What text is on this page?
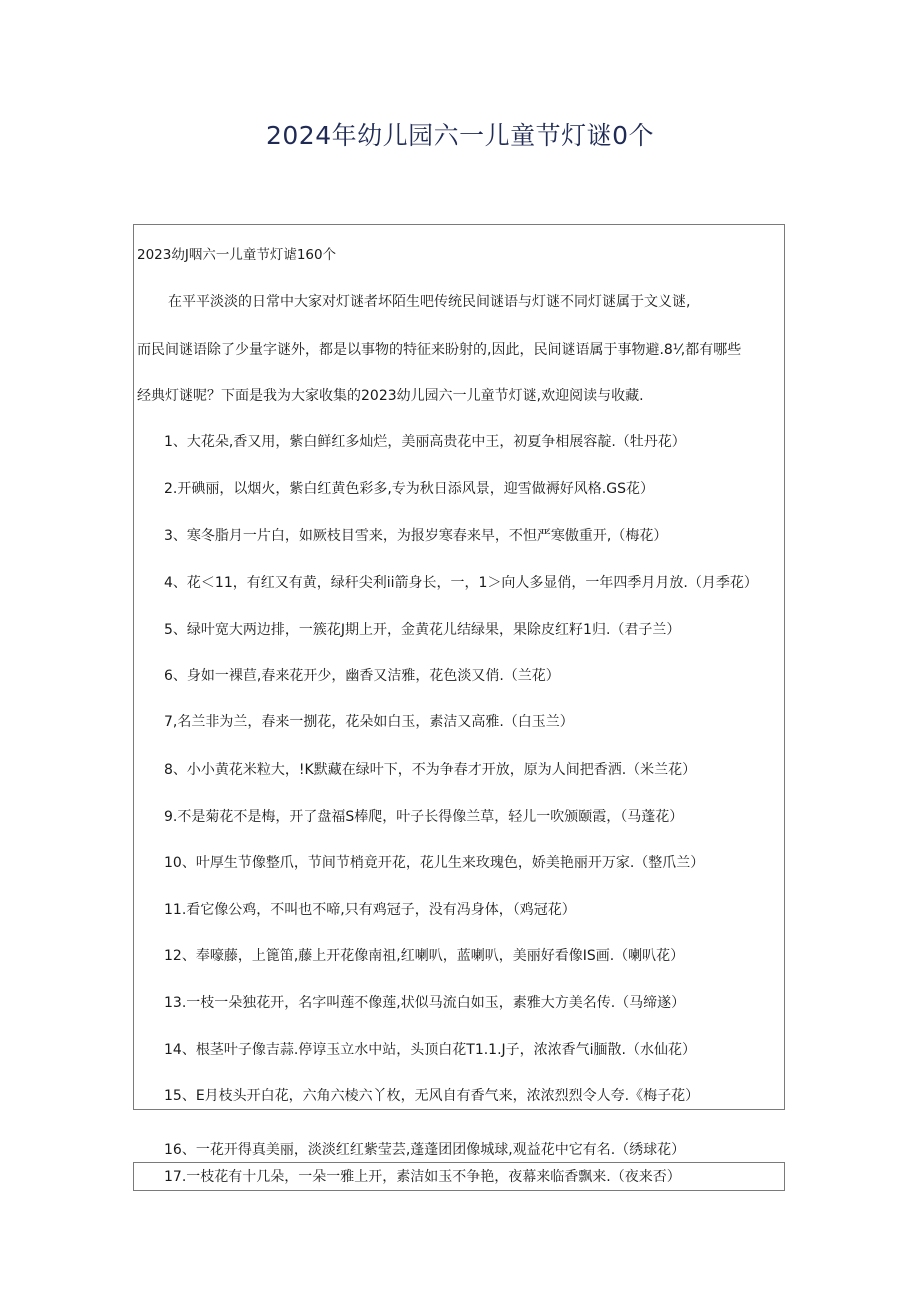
2024年幼儿园六一儿童节灯谜0个
2023幼J咽六一儿童节灯谑160个
在平平淡淡的日常中大家对灯谜者坏陌生吧传统民间谜语与灯谜不同灯谜属于文义谜,
而民间谜语除了少量字谜外，都是以事物的特征来盼射的,因此，民间谜语属于事物避.8⅟,都有哪些
经典灯谜呢？下面是我为大家收集的2023幼儿园六一儿童节灯谜,欢迎阅读与收藏.
1、大花朵,香又用，紫白鲜红多灿烂，美丽高贵花中王，初夏争相展容靛.（牡丹花）
2.开碘丽，以烟火，紫白红黄色彩多,专为秋日添风景，迎雪做褥好风格.GS花）
3、寒冬脂月一片白，如厥枝目雪来，为报岁寒春来早，不怛严寒傲重开,（梅花）
4、花＜11，有红又有黄，绿秆尖利ii箭身长，一，1＞向人多显俏，一年四季月月放.（月季花）
5、绿叶宽大两边排，一簇花J期上开，金黄花儿结绿果，果除皮红籽1归.（君子兰）
6、身如一裸苣,春来花开少，幽香又洁雅，花色淡又俏.（兰花）
7,名兰非为兰，春来一捌花，花朵如白玉，素洁又高雅.（白玉兰）
8、小小黄花米粒大，!K默藏在绿叶下，不为争春才开放，原为人间把香洒.（米兰花）
9.不是菊花不是梅，开了盘福S棒爬，叶子长得像兰草，轻儿一吹颁颐霞，（马蓬花）
10、叶厚生节像整爪，节间节梢竟开花，花儿生来玫瑰色，娇美艳丽开万家.（整爪兰）
11.看它像公鸡，不叫也不啼,只有鸡冠子，没有冯身体，（鸡冠花）
12、奉嚎藤，上篦笛,藤上开花像南祖,红喇叭，蓝喇叭，美丽好看像IS画.（喇叭花）
13.一枝一朵独花开，名字叫莲不像莲,状似马流白如玉，素雅大方美名传.（马缔遂）
14、根茎叶子像吉蒜.停谆玉立水中站，头顶白花T1.1.J子，浓浓香气i腼散.（水仙花）
15、E月枝头开白花，六角六棱六丫枚，无风自有香气来，浓浓烈烈令人夸.《梅子花）
16、一花开得真美丽，淡淡红红紫莹芸,蓬蓬团团像城球,观益花中它有名.（绣球花）
17.一枝花有十几朵，一朵一雅上开，素洁如玉不争艳，夜幕来临香飘来.（夜来否）
